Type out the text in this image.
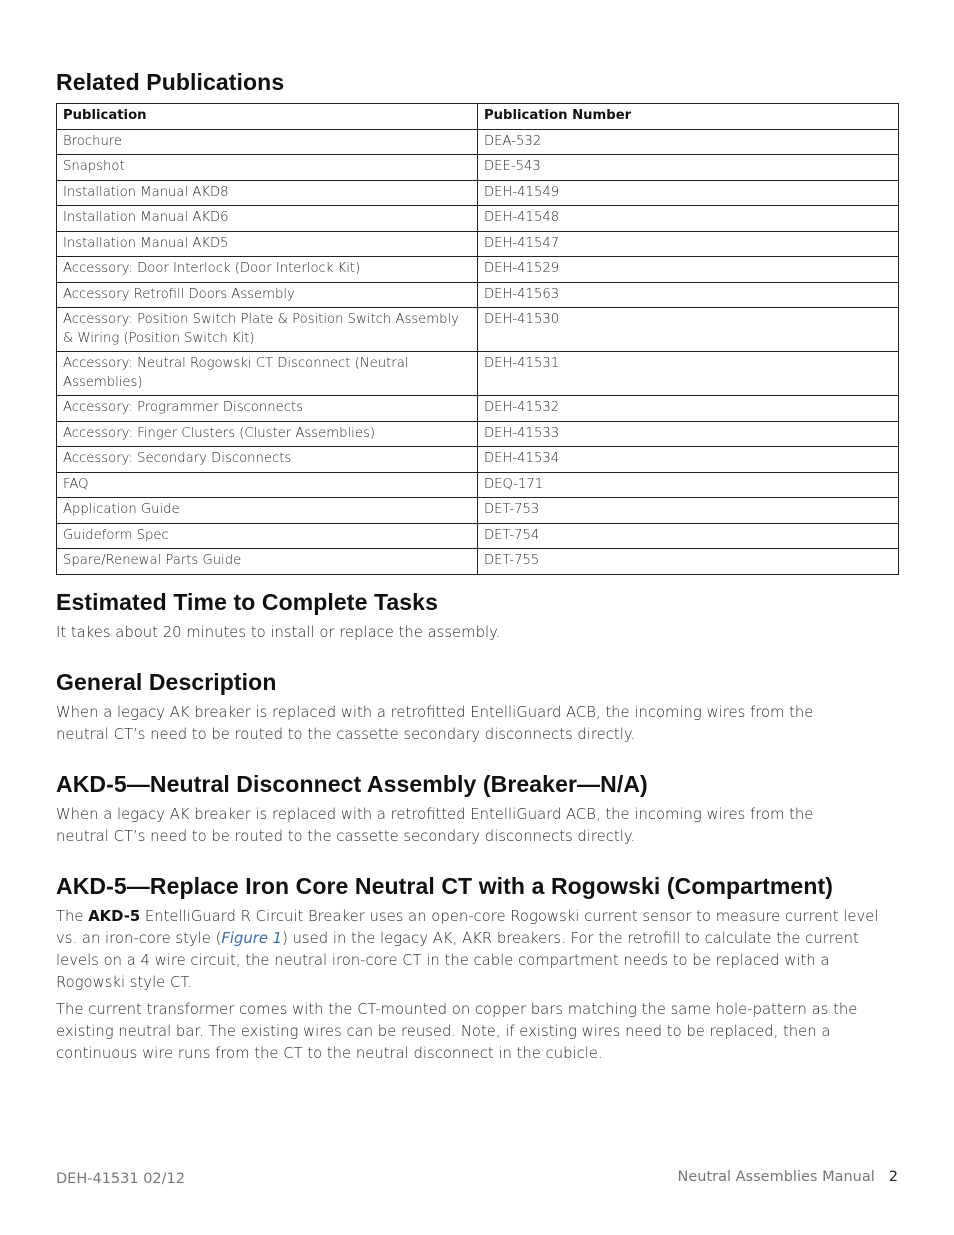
Related Publications
Publication	Publication Number
Brochure	DEA-532
Snapshot	DEE-543
Installation Manual AKD8	DEH-41549
Installation Manual AKD6	DEH-41548
Installation Manual AKD5	DEH-41547
Accessory: Door Interlock (Door Interlock Kit)	DEH-41529
Accessory Retrofill Doors Assembly	DEH-41563
Accessory: Position Switch Plate & Position Switch Assembly & Wiring (Position Switch Kit)	DEH-41530
Accessory: Neutral Rogowski CT Disconnect (Neutral Assemblies)	DEH-41531
Accessory: Programmer Disconnects	DEH-41532
Accessory: Finger Clusters (Cluster Assemblies)	DEH-41533
Accessory: Secondary Disconnects	DEH-41534
FAQ	DEQ-171
Application Guide	DET-753
Guideform Spec	DET-754
Spare/Renewal Parts Guide	DET-755
Estimated Time to Complete Tasks

It takes about 20 minutes to install or replace the assembly.

General Description

When a legacy AK breaker is replaced with a retrofitted EntelliGuard ACB, the incoming wires from the neutral CT’s need to be routed to the cassette secondary disconnects directly.

AKD-5—Neutral Disconnect Assembly (Breaker—N/A)

When a legacy AK breaker is replaced with a retrofitted EntelliGuard ACB, the incoming wires from the neutral CT’s need to be routed to the cassette secondary disconnects directly.

AKD-5—Replace Iron Core Neutral CT with a Rogowski (Compartment)

The AKD-5 EntelliGuard R Circuit Breaker uses an open-core Rogowski current sensor to measure current level vs. an iron-core style (Figure 1) used in the legacy AK, AKR breakers. For the retrofill to calculate the current levels on a 4 wire circuit, the neutral iron-core CT in the cable compartment needs to be replaced with a Rogowski style CT.

The current transformer comes with the CT-mounted on copper bars matching the same hole-pattern as the existing neutral bar. The existing wires can be reused. Note, if existing wires need to be replaced, then a continuous wire runs from the CT to the neutral disconnect in the cubicle.

DEH-41531 02/12	Neutral Assemblies Manual 2
